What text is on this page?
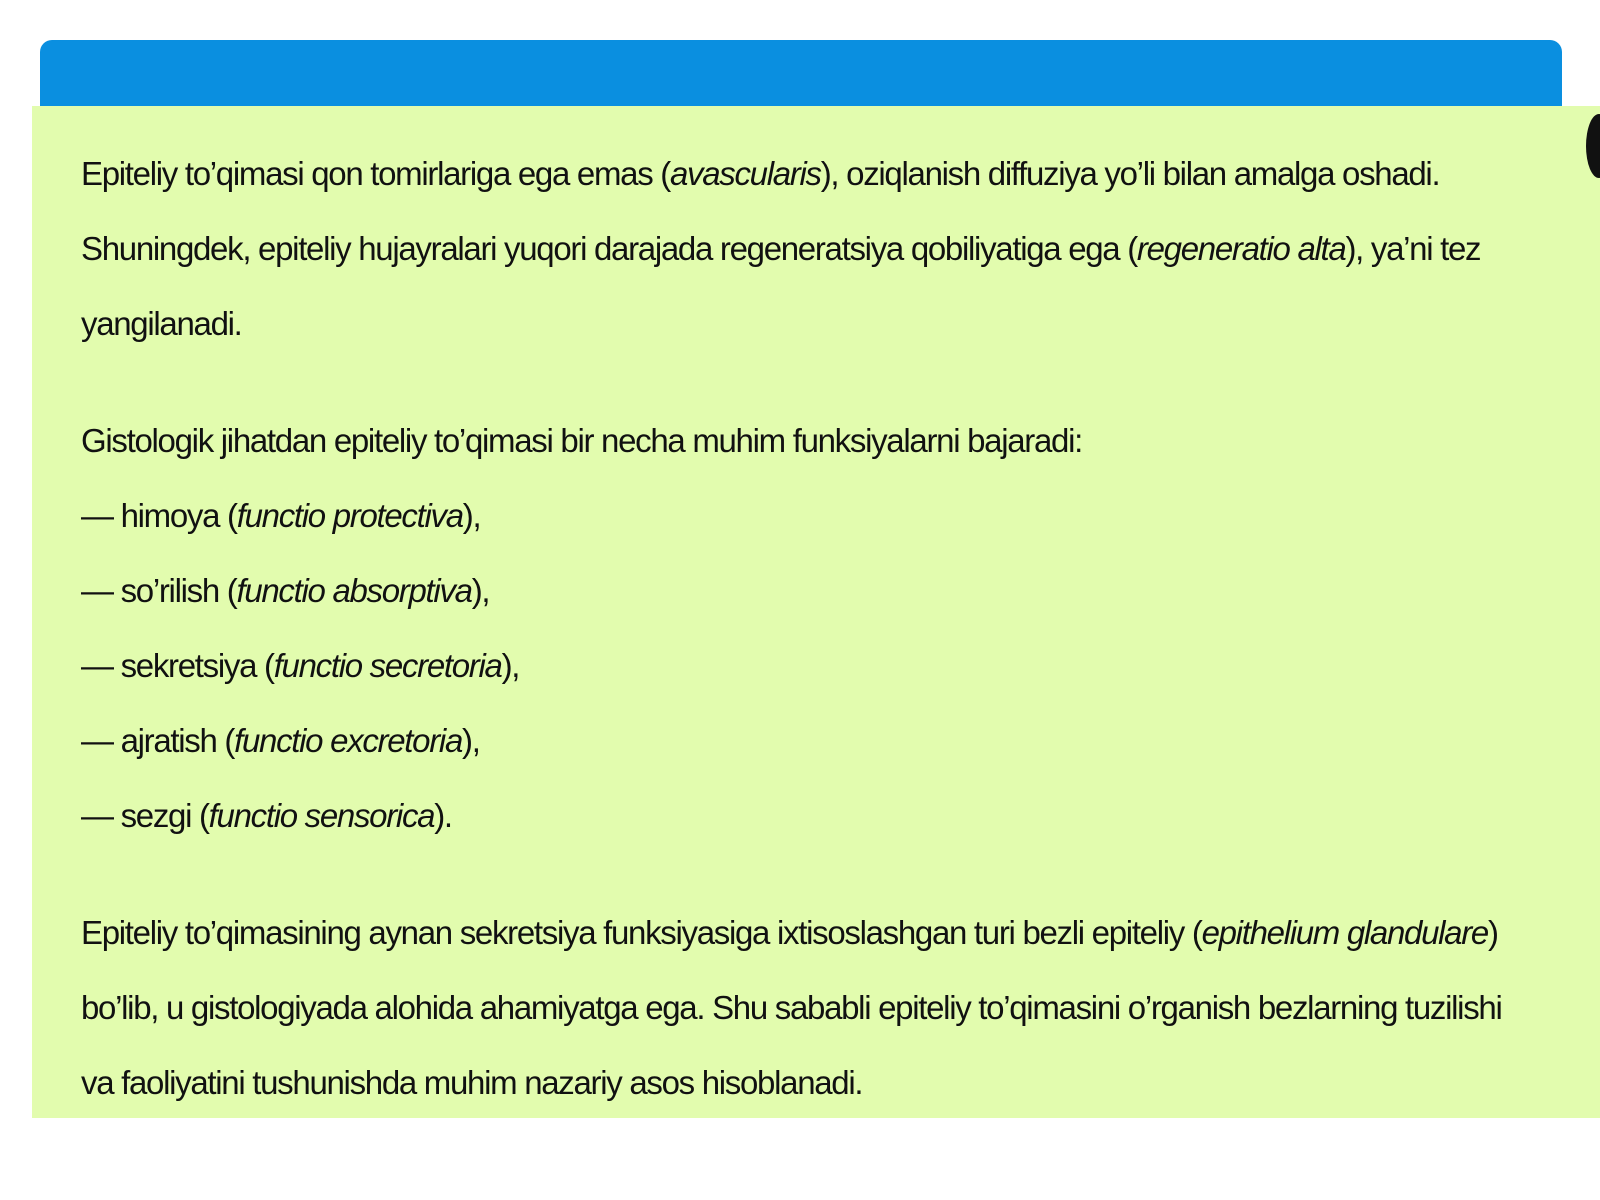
Epiteliy to’qimasi qon tomirlariga ega emas (avascularis), oziqlanish diffuziya yo’li bilan amalga oshadi. Shuningdek, epiteliy hujayralari yuqori darajada regeneratsiya qobiliyatiga ega (regeneratio alta), ya’ni tez yangilanadi.

Gistologik jihatdan epiteliy to’qimasi bir necha muhim funksiyalarni bajaradi:

— himoya (functio protectiva),

— so’rilish (functio absorptiva),

— sekretsiya (functio secretoria),

— ajratish (functio excretoria),

— sezgi (functio sensorica).

Epiteliy to’qimasining aynan sekretsiya funksiyasiga ixtisoslashgan turi bezli epiteliy (epithelium glandulare) bo’lib, u gistologiyada alohida ahamiyatga ega. Shu sababli epiteliy to’qimasini o’rganish bezlarning tuzilishi va faoliyatini tushunishda muhim nazariy asos hisoblanadi.
